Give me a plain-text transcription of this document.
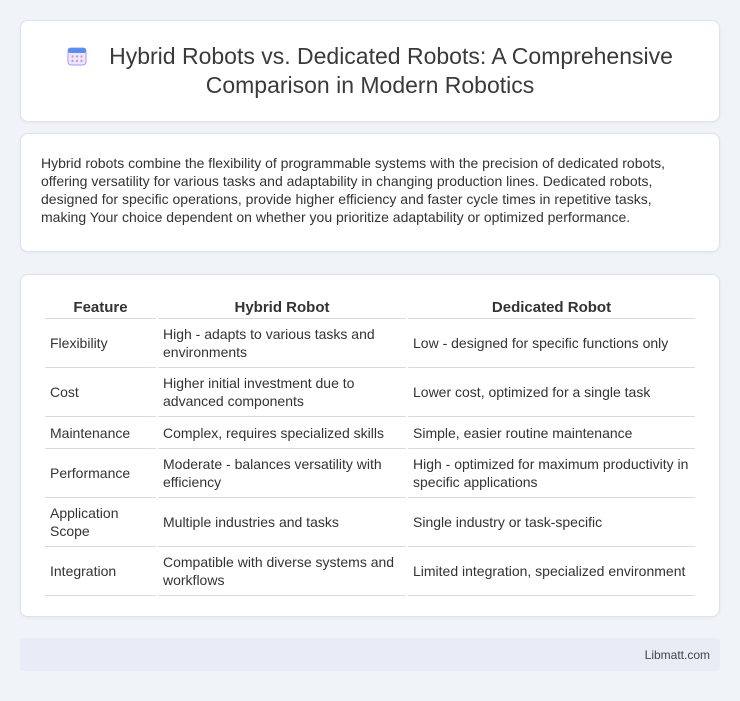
Hybrid Robots vs. Dedicated Robots: A Comprehensive Comparison in Modern Robotics

Hybrid robots combine the flexibility of programmable systems with the precision of dedicated robots, offering versatility for various tasks and adaptability in changing production lines. Dedicated robots, designed for specific operations, provide higher efficiency and faster cycle times in repetitive tasks, making Your choice dependent on whether you prioritize adaptability or optimized performance.

Feature	Hybrid Robot	Dedicated Robot
Flexibility	High - adapts to various tasks and environments	Low - designed for specific functions only
Cost	Higher initial investment due to advanced components	Lower cost, optimized for a single task
Maintenance	Complex, requires specialized skills	Simple, easier routine maintenance
Performance	Moderate - balances versatility with efficiency	High - optimized for maximum productivity in specific applications
Application Scope	Multiple industries and tasks	Single industry or task-specific
Integration	Compatible with diverse systems and workflows	Limited integration, specialized environment
Libmatt.com
